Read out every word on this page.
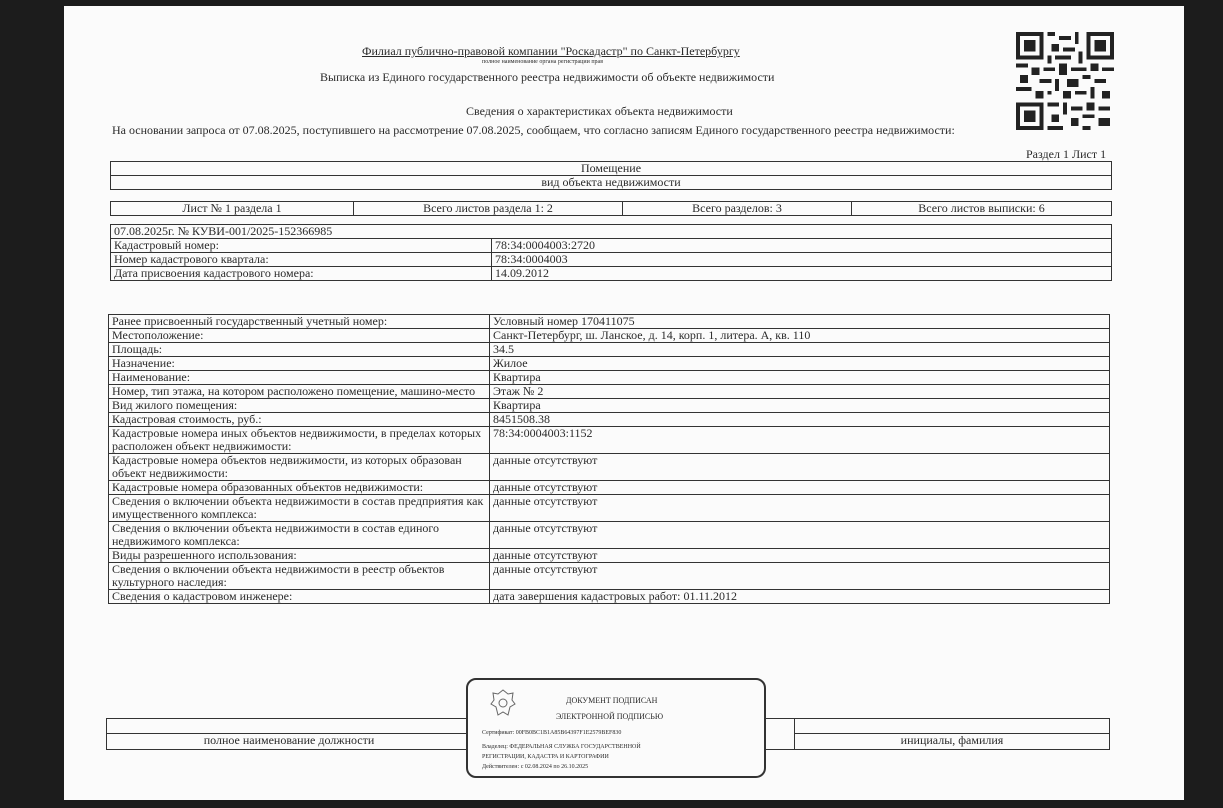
Филиал публично-правовой компании "Роскадастр" по Санкт-Петербургу
полное наименование органа регистрации прав
Выписка из Единого государственного реестра недвижимости об объекте недвижимости
Сведения о характеристиках объекта недвижимости
На основании запроса от 07.08.2025, поступившего на рассмотрение 07.08.2025, сообщаем, что согласно записям Единого государственного реестра недвижимости:
Раздел 1 Лист 1
Помещение
вид объекта недвижимости
Лист № 1 раздела 1	Всего листов раздела 1: 2	Всего разделов: 3	Всего листов выписки: 6
07.08.2025г. № КУВИ-001/2025-152366985	
Кадастровый номер:	78:34:0004003:2720
Номер кадастрового квартала:	78:34:0004003
Дата присвоения кадастрового номера:	14.09.2012
Ранее присвоенный государственный учетный номер:	Условный номер 170411075
Местоположение:	Санкт-Петербург, ш. Ланское, д. 14, корп. 1, литера. А, кв. 110
Площадь:	34.5
Назначение:	Жилое
Наименование:	Квартира
Номер, тип этажа, на котором расположено помещение, машино-место	Этаж № 2
Вид жилого помещения:	Квартира
Кадастровая стоимость, руб.:	8451508.38
Кадастровые номера иных объектов недвижимости, в пределах которых расположен объект недвижимости:	78:34:0004003:1152
Кадастровые номера объектов недвижимости, из которых образован объект недвижимости:	данные отсутствуют
Кадастровые номера образованных объектов недвижимости:	данные отсутствуют
Сведения о включении объекта недвижимости в состав предприятия как имущественного комплекса:	данные отсутствуют
Сведения о включении объекта недвижимости в состав единого недвижимого комплекса:	данные отсутствуют
Виды разрешенного использования:	данные отсутствуют
Сведения о включении объекта недвижимости в реестр объектов культурного наследия:	данные отсутствуют
Сведения о кадастровом инженере:	дата завершения кадастровых работ: 01.11.2012

полное наименование должности		инициалы, фамилия
ДОКУМЕНТ ПОДПИСАН
ЭЛЕКТРОННОЙ ПОДПИСЬЮ
Сертификат: 00FB0BC1B1A85B64397F1E2579BEF830
Владелец: ФЕДЕРАЛЬНАЯ СЛУЖБА ГОСУДАРСТВЕННОЙ
РЕГИСТРАЦИИ, КАДАСТРА И КАРТОГРАФИИ
Действителен: с 02.08.2024 по 26.10.2025
